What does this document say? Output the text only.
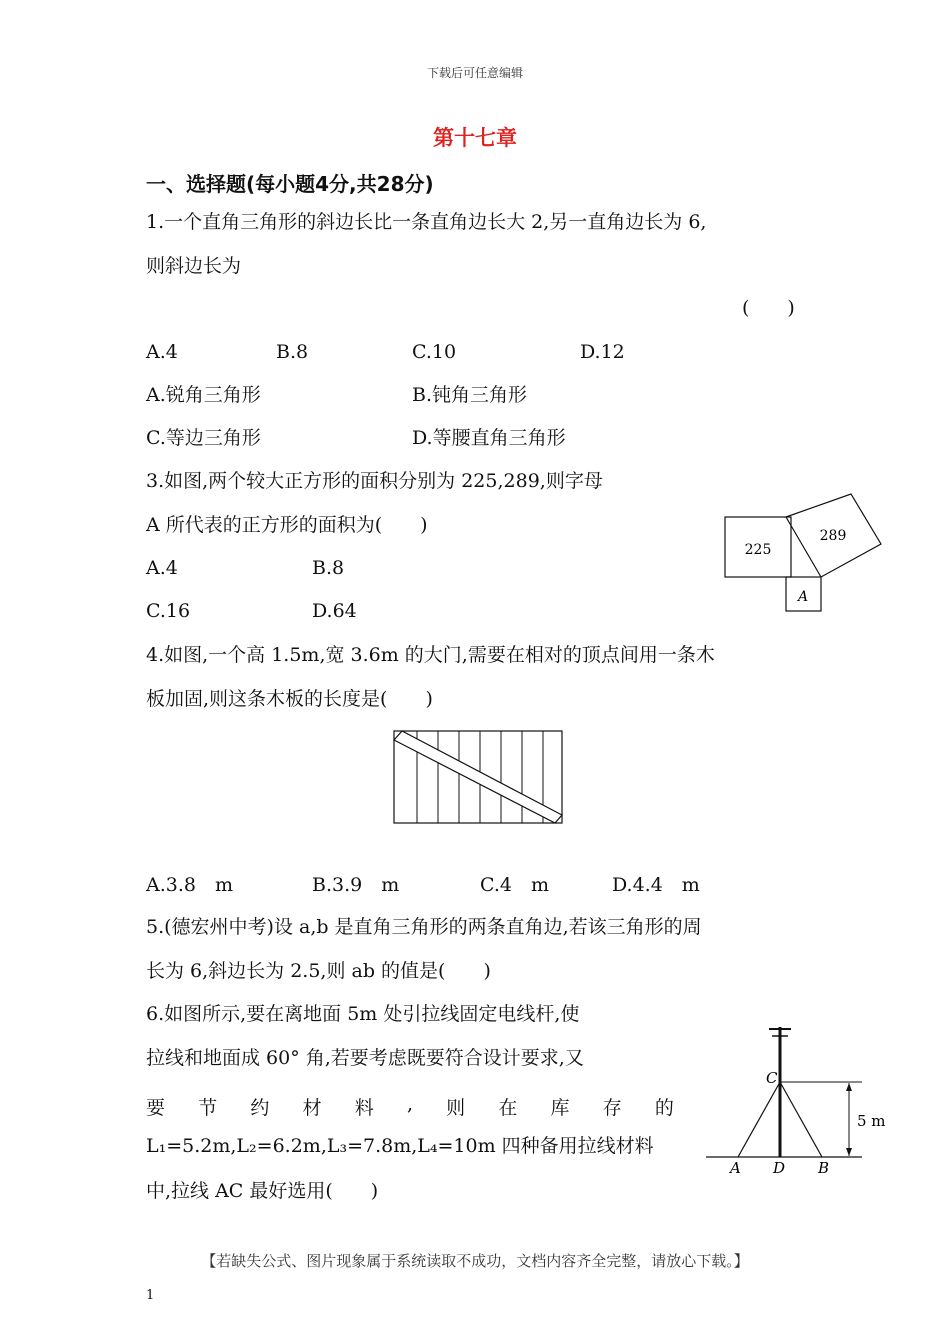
下载后可任意编辑
第十七章
一、选择题(每小题4分,共28分)
1.一个直角三角形的斜边长比一条直角边长大 2,另一直角边长为 6,
则斜边长为
(　　)
A.4	B.8	C.10	D.12
A.锐角三角形	B.钝角三角形
C.等边三角形	D.等腰直角三角形
3.如图,两个较大正方形的面积分别为 225,289,则字母
A 所代表的正方形的面积为(　　)
A.4	B.8
C.16	D.64
225
289
A
4.如图,一个高 1.5m,宽 3.6m 的大门,需要在相对的顶点间用一条木
板加固,则这条木板的长度是(　　)
A.3.8　m	B.3.9　m	C.4　m	D.4.4　m
5.(德宏州中考)设 a,b 是直角三角形的两条直角边,若该三角形的周
长为 6,斜边长为 2.5,则 ab 的值是(　　)
6.如图所示,要在离地面 5m 处引拉线固定电线杆,使
拉线和地面成 60° 角,若要考虑既要符合设计要求,又
要 节 约 材 料 , 则 在 库 存 的
L₁=5.2m,L₂=6.2m,L₃=7.8m,L₄=10m 四种备用拉线材料
中,拉线 AC 最好选用(　　)
C
A D B
5 m
【若缺失公式、图片现象属于系统读取不成功，文档内容齐全完整，请放心下载。】
1
